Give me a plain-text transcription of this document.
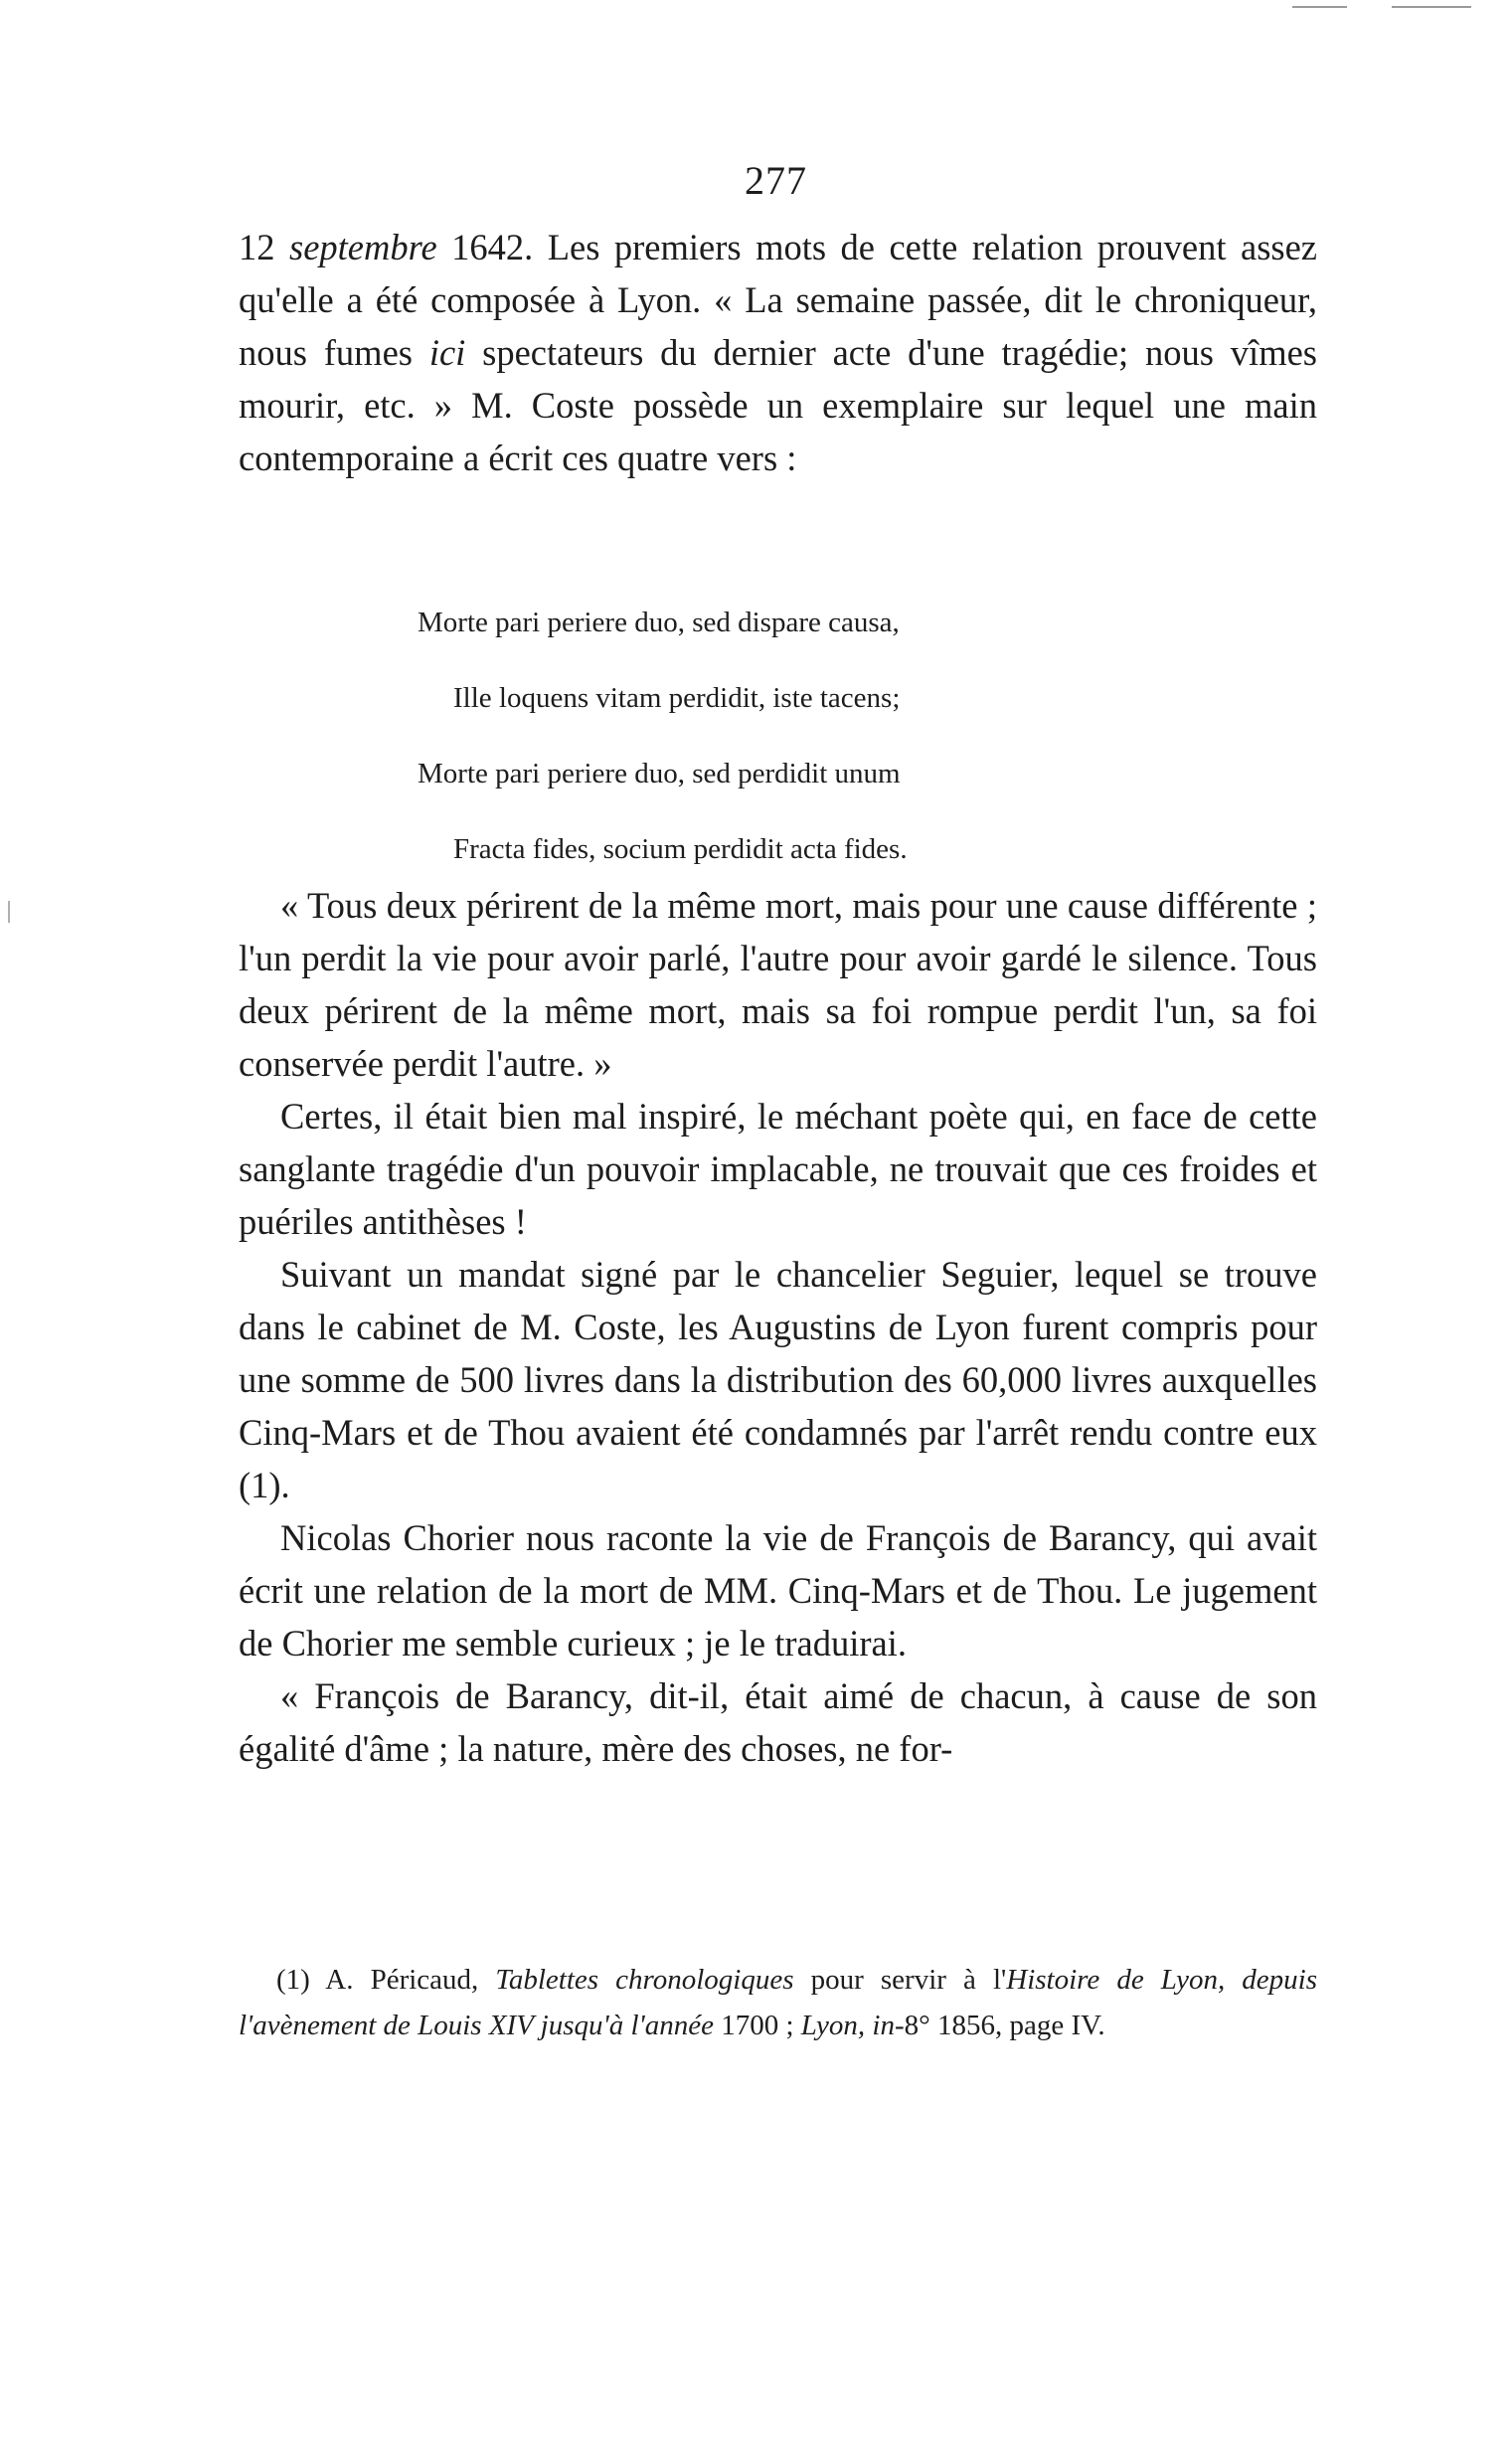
277

12 septembre 1642. Les premiers mots de cette relation prouvent assez qu'elle a été composée à Lyon. « La semaine passée, dit le chroniqueur, nous fumes ici spectateurs du dernier acte d'une tragédie; nous vîmes mourir, etc. » M. Coste possède un exemplaire sur lequel une main contemporaine a écrit ces quatre vers :

Morte pari periere duo, sed dispare causa,
Ille loquens vitam perdidit, iste tacens;
Morte pari periere duo, sed perdidit unum
Fracta fides, socium perdidit acta fides.

« Tous deux périrent de la même mort, mais pour une cause différente ; l'un perdit la vie pour avoir parlé, l'autre pour avoir gardé le silence. Tous deux périrent de la même mort, mais sa foi rompue perdit l'un, sa foi conservée perdit l'autre. »

Certes, il était bien mal inspiré, le méchant poète qui, en face de cette sanglante tragédie d'un pouvoir implacable, ne trouvait que ces froides et puériles antithèses !

Suivant un mandat signé par le chancelier Seguier, lequel se trouve dans le cabinet de M. Coste, les Augustins de Lyon furent compris pour une somme de 500 livres dans la distribution des 60,000 livres auxquelles Cinq-Mars et de Thou avaient été condamnés par l'arrêt rendu contre eux (1).

Nicolas Chorier nous raconte la vie de François de Barancy, qui avait écrit une relation de la mort de MM. Cinq-Mars et de Thou. Le jugement de Chorier me semble curieux ; je le traduirai.

« François de Barancy, dit-il, était aimé de chacun, à cause de son égalité d'âme ; la nature, mère des choses, ne for-

(1) A. Péricaud, Tablettes chronologiques pour servir à l'Histoire de Lyon, depuis l'avènement de Louis XIV jusqu'à l'année 1700 ; Lyon, in-8° 1856, page IV.
